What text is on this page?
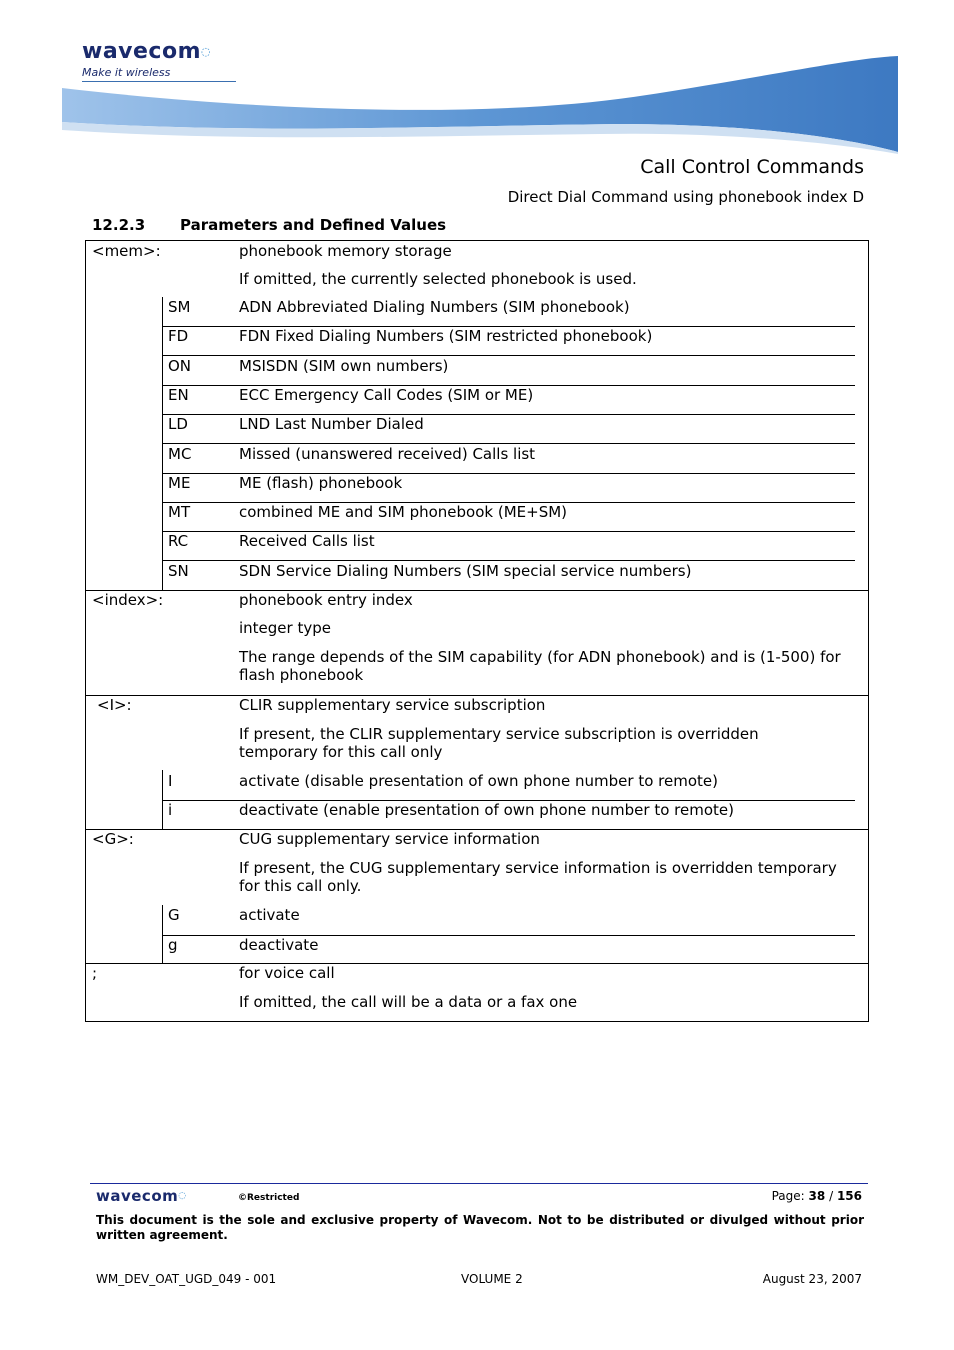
wavecom◌
Make it wireless
Call Control Commands
Direct Dial Command using phonebook index D
12.2.3 Parameters and Defined Values
<mem>:	phonebook memory storage
If omitted, the currently selected phonebook is used.
SM	ADN Abbreviated Dialing Numbers (SIM phonebook)
FD	FDN Fixed Dialing Numbers (SIM restricted phonebook)
ON	MSISDN (SIM own numbers)
EN	ECC Emergency Call Codes (SIM or ME)
LD	LND Last Number Dialed
MC	Missed (unanswered received) Calls list
ME	ME (flash) phonebook
MT	combined ME and SIM phonebook (ME+SM)
RC	Received Calls list
SN	SDN Service Dialing Numbers (SIM special service numbers)
<index>:	phonebook entry index
integer type
The range depends of the SIM capability (for ADN phonebook) and is (1-500) for flash phonebook
<I>:	CLIR supplementary service subscription
If present, the CLIR supplementary service subscription is overridden temporary for this call only
I	activate (disable presentation of own phone number to remote)
i	deactivate (enable presentation of own phone number to remote)
<G>:	CUG supplementary service information
If present, the CUG supplementary service information is overridden temporary for this call only.
G	activate
g	deactivate
;	for voice call
If omitted, the call will be a data or a fax one
wavecom◌	©Restricted	Page: 38 / 156
This document is the sole and exclusive property of Wavecom. Not to be distributed or divulged without prior written agreement.
WM_DEV_OAT_UGD_049 - 001	VOLUME 2	August 23, 2007
